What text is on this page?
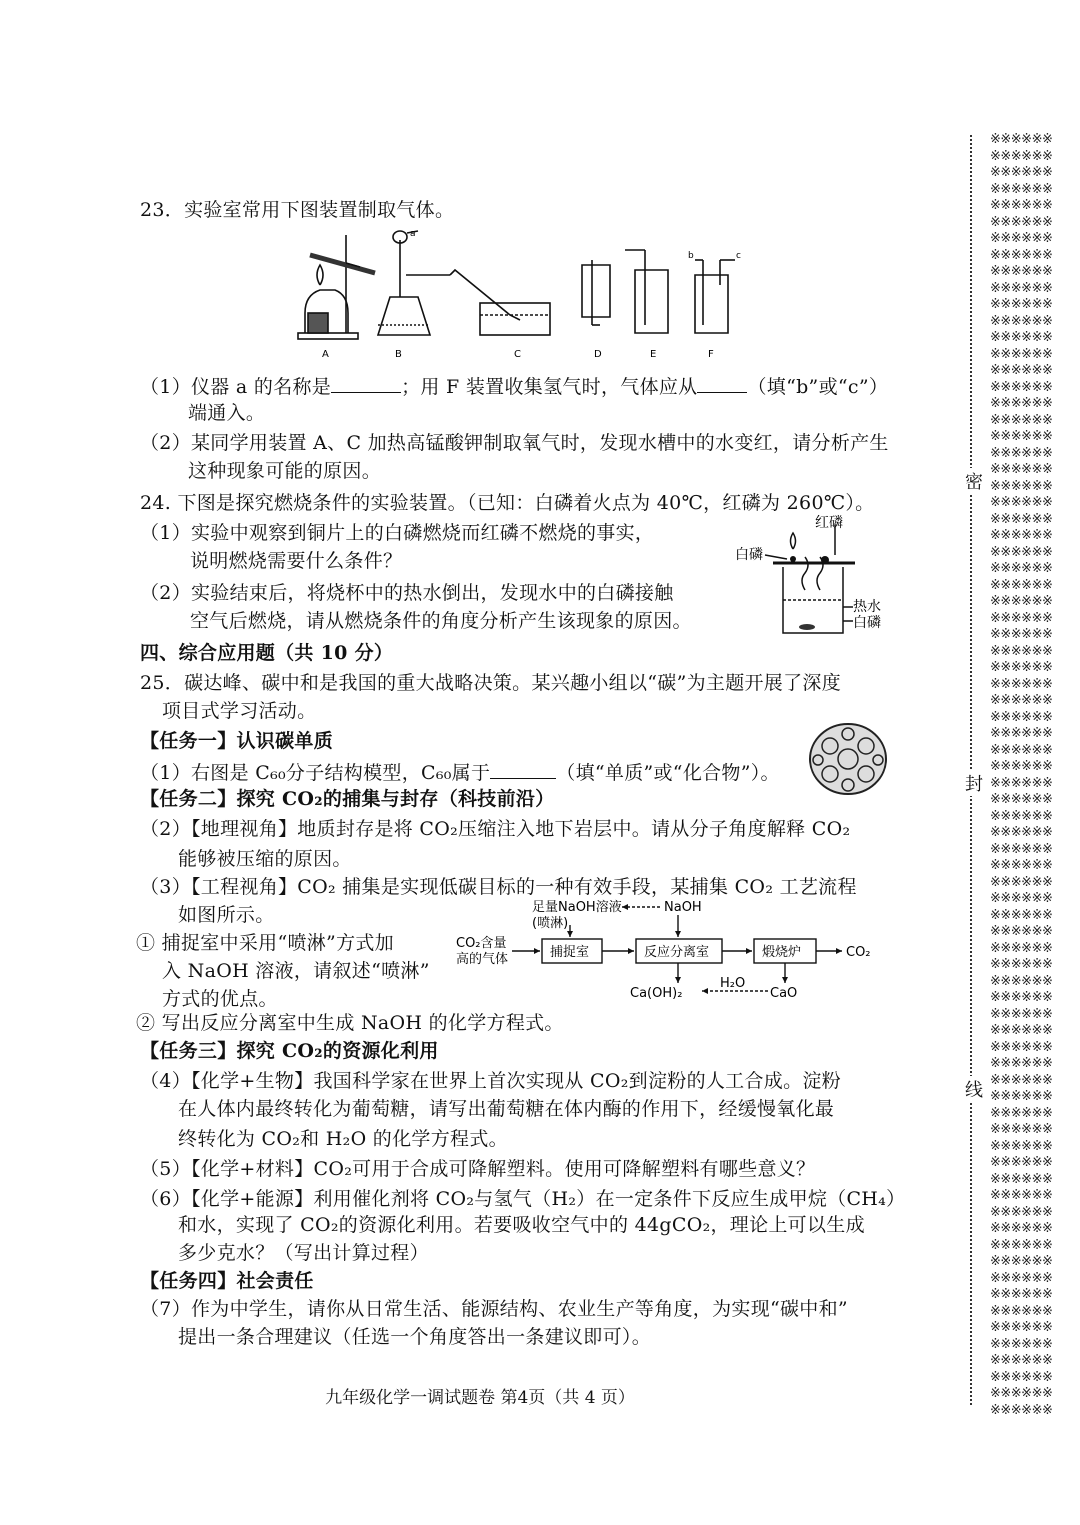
23．实验室常用下图装置制取气体。
a
b	c
A	B	C	D	E	F
（1）仪器 a 的名称是	；用 F 装置收集氢气时，气体应从	（填“b”或“c”）
端通入。
（2）某同学用装置 A、C 加热高锰酸钾制取氧气时，发现水槽中的水变红，请分析产生
这种现象可能的原因。
24. 下图是探究燃烧条件的实验装置。（已知：白磷着火点为 40℃，红磷为 260℃）。
（1）实验中观察到铜片上的白磷燃烧而红磷不燃烧的事实，
说明燃烧需要什么条件？
（2）实验结束后，将烧杯中的热水倒出，发现水中的白磷接触
空气后燃烧，请从燃烧条件的角度分析产生该现象的原因。
红磷
白磷
热水
白磷
四、综合应用题（共 10 分）
25．碳达峰、碳中和是我国的重大战略决策。某兴趣小组以“碳”为主题开展了深度
项目式学习活动。
【任务一】认识碳单质
（1）右图是 C₆₀分子结构模型，C₆₀属于	（填“单质”或“化合物”）。
【任务二】探究 CO₂的捕集与封存（科技前沿）
（2）【地理视角】地质封存是将 CO₂压缩注入地下岩层中。请从分子角度解释 CO₂
能够被压缩的原因。
（3）【工程视角】CO₂ 捕集是实现低碳目标的一种有效手段，某捕集 CO₂ 工艺流程
如图所示。
① 捕捉室中采用“喷淋”方式加
入 NaOH 溶液，请叙述“喷淋”
方式的优点。
足量NaOH溶液
(喷淋)
NaOH
CO₂含量
高的气体	捕捉室	反应分离室	煅烧炉	CO₂
H₂O
Ca(OH)₂	CaO
② 写出反应分离室中生成 NaOH 的化学方程式。
【任务三】探究 CO₂的资源化利用
（4）【化学+生物】我国科学家在世界上首次实现从 CO₂到淀粉的人工合成。淀粉
在人体内最终转化为葡萄糖，请写出葡萄糖在体内酶的作用下，经缓慢氧化最
终转化为 CO₂和 H₂O 的化学方程式。
（5）【化学+材料】CO₂可用于合成可降解塑料。使用可降解塑料有哪些意义？
（6）【化学+能源】利用催化剂将 CO₂与氢气（H₂）在一定条件下反应生成甲烷（CH₄）
和水，实现了 CO₂的资源化利用。若要吸收空气中的 44gCO₂，理论上可以生成
多少克水？（写出计算过程）
【任务四】社会责任
（7）作为中学生，请你从日常生活、能源结构、农业生产等角度，为实现“碳中和”
提出一条合理建议（任选一个角度答出一条建议即可）。
九年级化学一调试题卷 第4页（共 4 页）
※※※※※※
※※※※※※
※※※※※※
※※※※※※
※※※※※※
※※※※※※
※※※※※※
※※※※※※
※※※※※※
※※※※※※
※※※※※※
※※※※※※
※※※※※※
※※※※※※
※※※※※※
※※※※※※
※※※※※※
※※※※※※
※※※※※※
※※※※※※
※※※※※※
※※※※※※
※※※※※※
※※※※※※
※※※※※※
※※※※※※
※※※※※※
※※※※※※
※※※※※※
※※※※※※
※※※※※※
※※※※※※
※※※※※※
※※※※※※
※※※※※※
※※※※※※
※※※※※※
※※※※※※
※※※※※※
※※※※※※
※※※※※※
※※※※※※
※※※※※※
※※※※※※
※※※※※※
※※※※※※
※※※※※※
※※※※※※
※※※※※※
※※※※※※
※※※※※※
※※※※※※
※※※※※※
※※※※※※
※※※※※※
※※※※※※
※※※※※※
※※※※※※
※※※※※※
※※※※※※
※※※※※※
※※※※※※
※※※※※※
※※※※※※
※※※※※※
※※※※※※
※※※※※※
※※※※※※
※※※※※※
※※※※※※
※※※※※※
※※※※※※
※※※※※※
※※※※※※
※※※※※※
※※※※※※
※※※※※※
※※※※※※
密
封
线
